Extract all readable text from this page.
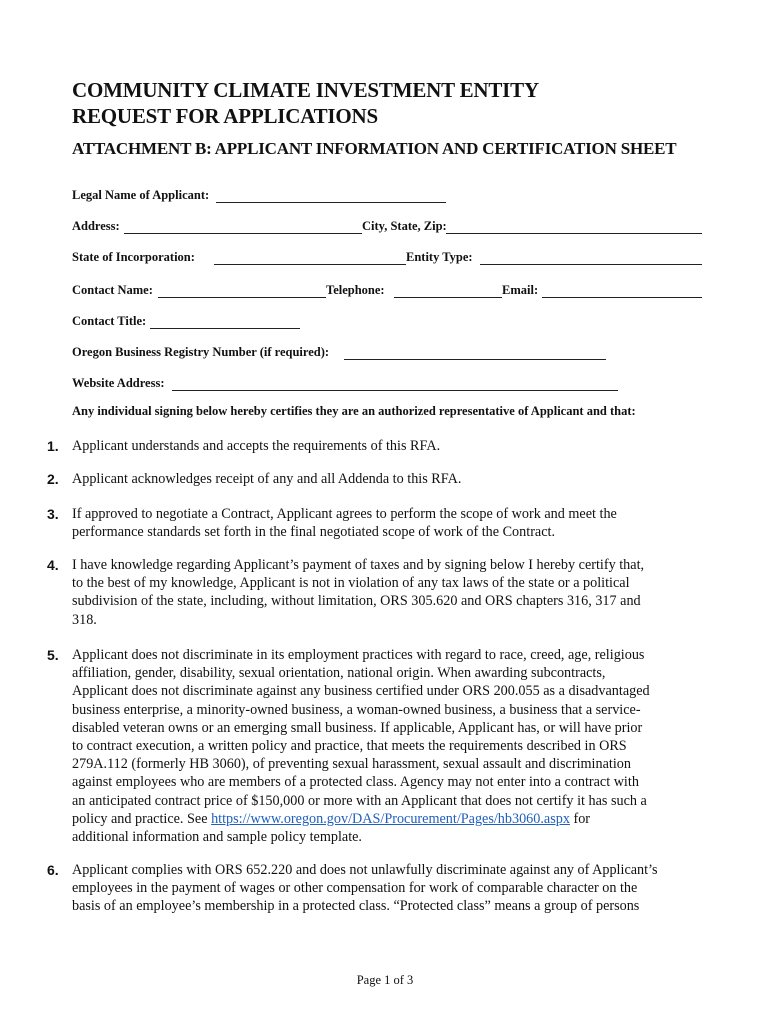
COMMUNITY CLIMATE INVESTMENT ENTITY
REQUEST FOR APPLICATIONS
ATTACHMENT B: APPLICANT INFORMATION AND CERTIFICATION SHEET
Legal Name of Applicant:
Address:	City, State, Zip:
State of Incorporation:	Entity Type:
Contact Name:	Telephone:	Email:
Contact Title:
Oregon Business Registry Number (if required):
Website Address:
Any individual signing below hereby certifies they are an authorized representative of Applicant and that:
1. Applicant understands and accepts the requirements of this RFA.
2. Applicant acknowledges receipt of any and all Addenda to this RFA.
3. If approved to negotiate a Contract, Applicant agrees to perform the scope of work and meet the
performance standards set forth in the final negotiated scope of work of the Contract.
4. I have knowledge regarding Applicant’s payment of taxes and by signing below I hereby certify that,
to the best of my knowledge, Applicant is not in violation of any tax laws of the state or a political
subdivision of the state, including, without limitation, ORS 305.620 and ORS chapters 316, 317 and
318.
5. Applicant does not discriminate in its employment practices with regard to race, creed, age, religious
affiliation, gender, disability, sexual orientation, national origin. When awarding subcontracts,
Applicant does not discriminate against any business certified under ORS 200.055 as a disadvantaged
business enterprise, a minority-owned business, a woman-owned business, a business that a service-
disabled veteran owns or an emerging small business. If applicable, Applicant has, or will have prior
to contract execution, a written policy and practice, that meets the requirements described in ORS
279A.112 (formerly HB 3060), of preventing sexual harassment, sexual assault and discrimination
against employees who are members of a protected class. Agency may not enter into a contract with
an anticipated contract price of $150,000 or more with an Applicant that does not certify it has such a
policy and practice. See https://www.oregon.gov/DAS/Procurement/Pages/hb3060.aspx for
additional information and sample policy template.
6. Applicant complies with ORS 652.220 and does not unlawfully discriminate against any of Applicant’s
employees in the payment of wages or other compensation for work of comparable character on the
basis of an employee’s membership in a protected class. “Protected class” means a group of persons
Page 1 of 3
